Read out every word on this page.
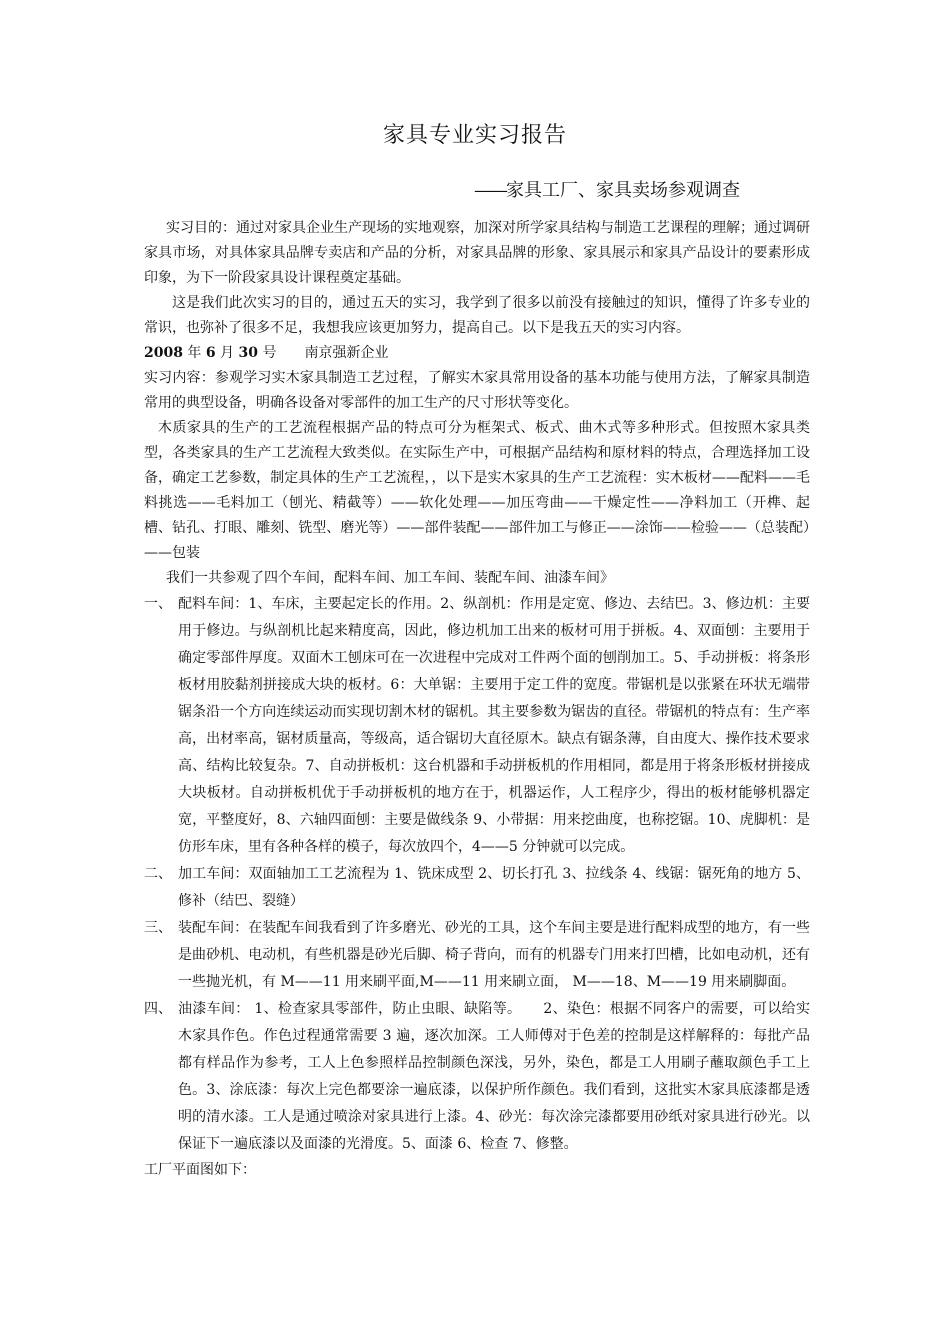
家具专业实习报告
——家具工厂、家具卖场参观调查

实习目的：通过对家具企业生产现场的实地观察，加深对所学家具结构与制造工艺课程的理解；通过调研家具市场，对具体家具品牌专卖店和产品的分析，对家具品牌的形象、家具展示和家具产品设计的要素形成印象，为下一阶段家具设计课程奠定基础。

这是我们此次实习的目的，通过五天的实习，我学到了很多以前没有接触过的知识，懂得了许多专业的常识，也弥补了很多不足，我想我应该更加努力，提高自己。以下是我五天的实习内容。

2008 年 6 月 30 号 南京强新企业

实习内容：参观学习实木家具制造工艺过程，了解实木家具常用设备的基本功能与使用方法，了解家具制造常用的典型设备，明确各设备对零部件的加工生产的尺寸形状等变化。

木质家具的生产的工艺流程根据产品的特点可分为框架式、板式、曲木式等多种形式。但按照木家具类型，各类家具的生产工艺流程大致类似。在实际生产中，可根据产品结构和原材料的特点，合理选择加工设备，确定工艺参数，制定具体的生产工艺流程，，以下是实木家具的生产工艺流程：实木板材——配料——毛料挑选——毛料加工（刨光、精截等）——软化处理——加压弯曲——干燥定性——净料加工（开榫、起槽、钻孔、打眼、雕刻、铣型、磨光等）——部件装配——部件加工与修正——涂饰——检验——（总装配）——包装

我们一共参观了四个车间，配料车间、加工车间、装配车间、油漆车间》

一、 配料车间：1、车床，主要起定长的作用。2、纵剖机：作用是定宽、修边、去结巴。3、修边机：主要用于修边。与纵剖机比起来精度高，因此，修边机加工出来的板材可用于拼板。4、双面刨：主要用于确定零部件厚度。双面木工刨床可在一次进程中完成对工件两个面的刨削加工。5、手动拼板：将条形板材用胶黏剂拼接成大块的板材。6：大单锯：主要用于定工件的宽度。带锯机是以张紧在环状无端带锯条沿一个方向连续运动而实现切割木材的锯机。其主要参数为锯齿的直径。带锯机的特点有：生产率高，出材率高，锯材质量高，等级高，适合锯切大直径原木。缺点有锯条薄，自由度大、操作技术要求高、结构比较复杂。7、自动拼板机：这台机器和手动拼板机的作用相同，都是用于将条形板材拼接成大块板材。自动拼板机优于手动拼板机的地方在于，机器运作，人工程序少，得出的板材能够机器定宽，平整度好，8、六轴四面刨：主要是做线条 9、小带据：用来挖曲度，也称挖锯。10、虎脚机：是仿形车床，里有各种各样的模子，每次放四个，4——5 分钟就可以完成。
二、 加工车间：双面轴加工工艺流程为 1、铣床成型 2、切长打孔 3、拉线条 4、线锯：锯死角的地方 5、修补（结巴、裂缝）
三、 装配车间：在装配车间我看到了许多磨光、砂光的工具，这个车间主要是进行配料成型的地方，有一些是曲砂机、电动机，有些机器是砂光后脚、椅子背向，而有的机器专门用来打凹槽，比如电动机，还有一些抛光机，有 M——11 用来刷平面,M——11 用来刷立面， M——18、M——19 用来刷脚面。
四、 油漆车间： 1、检查家具零部件，防止虫眼、缺陷等。 2、染色：根据不同客户的需要，可以给实木家具作色。作色过程通常需要 3 遍，逐次加深。工人师傅对于色差的控制是这样解释的：每批产品都有样品作为参考，工人上色参照样品控制颜色深浅，另外，染色，都是工人用刷子蘸取颜色手工上色。3、涂底漆：每次上完色都要涂一遍底漆，以保护所作颜色。我们看到，这批实木家具底漆都是透明的清水漆。工人是通过喷涂对家具进行上漆。4、砂光：每次涂完漆都要用砂纸对家具进行砂光。以保证下一遍底漆以及面漆的光滑度。5、面漆 6、检查 7、修整。

工厂平面图如下：
